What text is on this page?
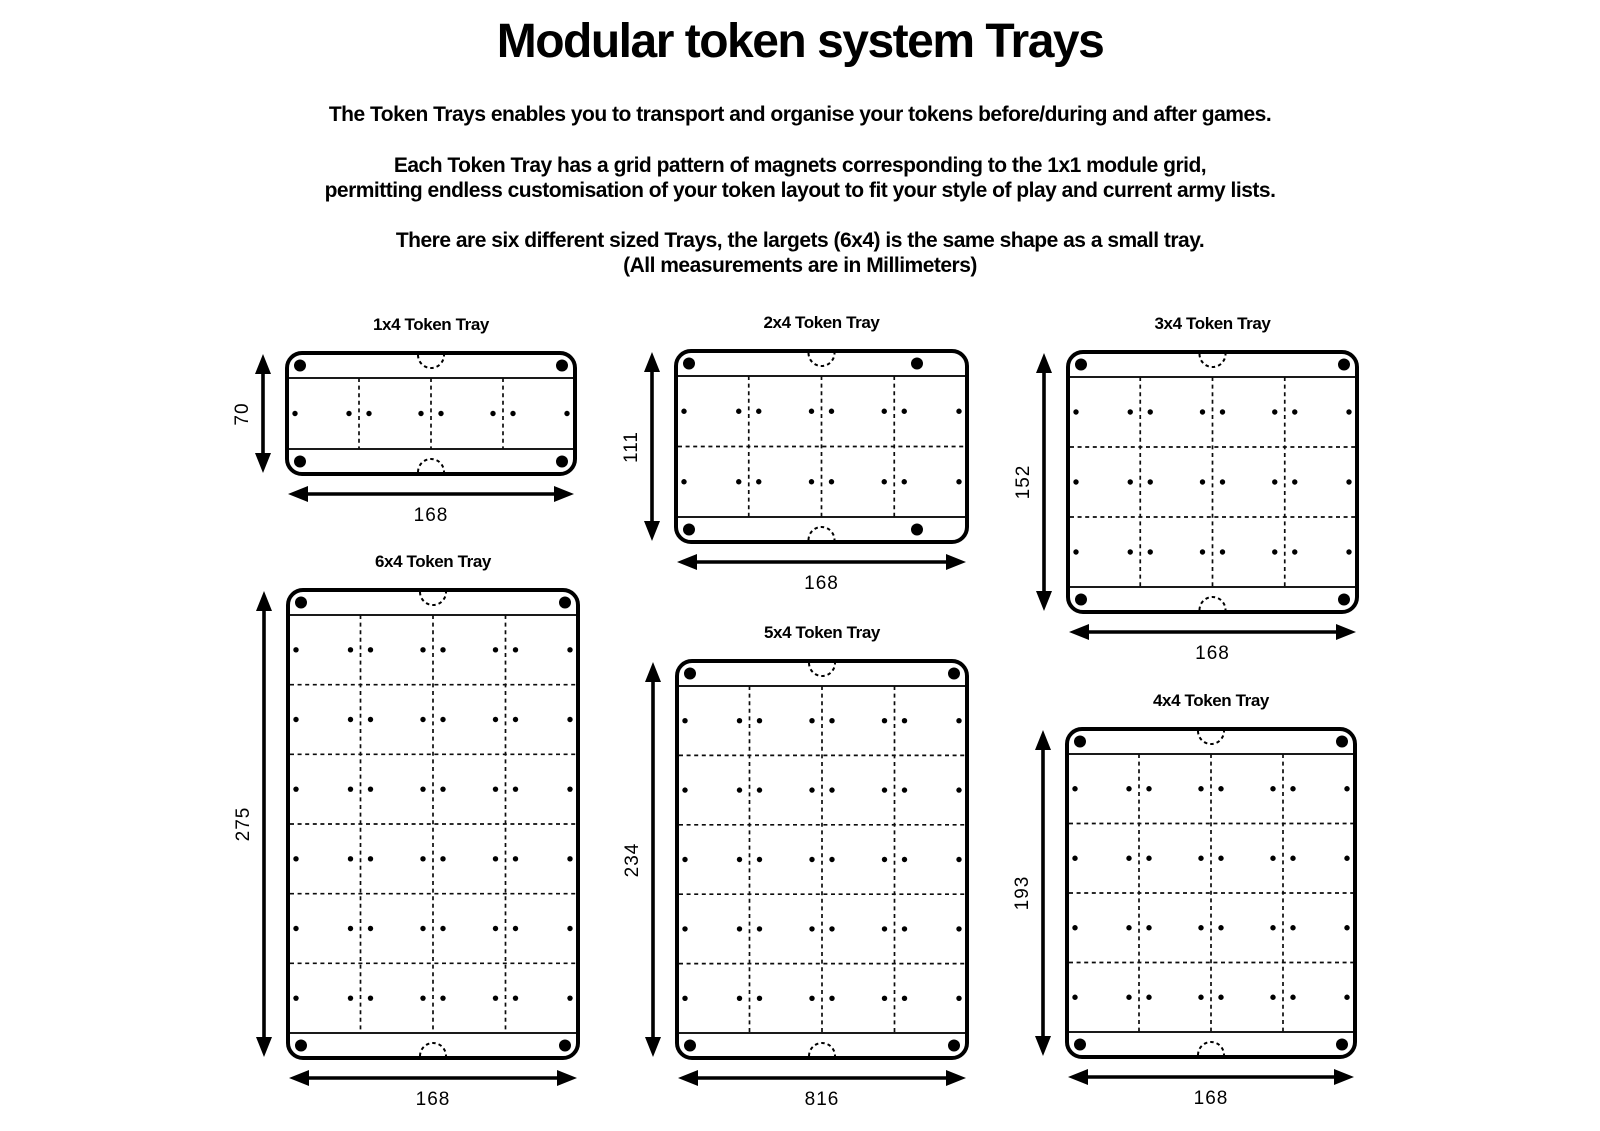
Modular token system Trays
The Token Trays enables you to transport and organise your tokens before/during and after games.
Each Token Tray has a grid pattern of magnets corresponding to the 1x1 module grid,
permitting endless customisation of your token layout to fit your style of play and current army lists.
There are six different sized Trays, the largets (6x4) is the same shape as a small tray.
(All measurements are in Millimeters)
1x4 Token Tray
70
168
2x4 Token Tray
111
168
3x4 Token Tray
152
168
6x4 Token Tray
275
168
5x4 Token Tray
234
816
4x4 Token Tray
193
168
